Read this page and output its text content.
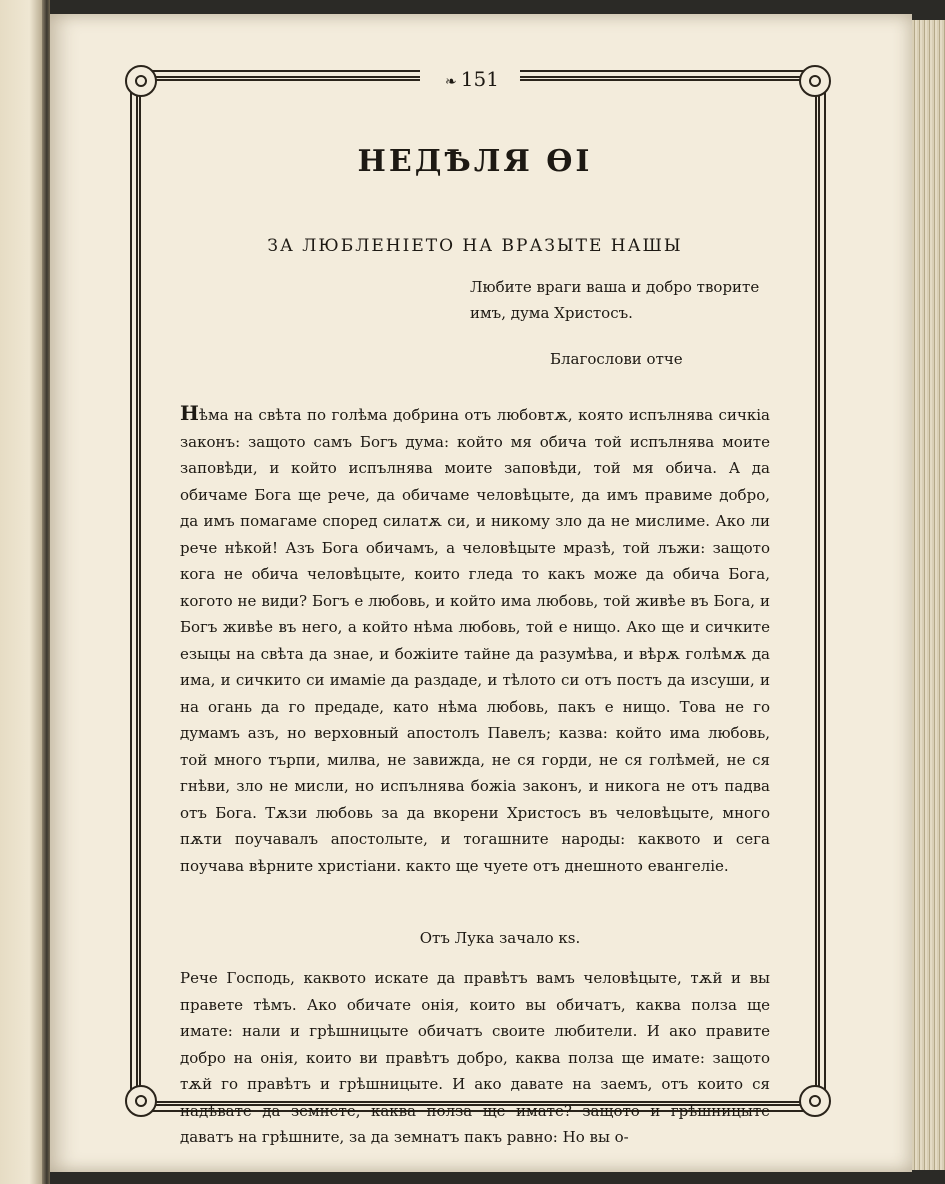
❧ 151
НЕДѢЛЯ ѲІ
ЗА ЛЮБЛЕНІЕТО НА ВРАЗЫТЕ НАШЫ
Любите враги ваша и добро творите имъ, дума Христосъ.
Благослови отче
Нѣма на свѣта по голѣма добрина отъ любовтѫ, която испълнява сичкіа законъ: защото самъ Богъ дума: който мя обича той испълнява моите заповѣди, и който испълнява моите заповѣди, той мя обича. А да обичаме Бога ще рече, да обичаме человѣцыте, да имъ правиме добро, да имъ помагаме според силатѫ си, и никому зло да не мислиме. Ако ли рече нѣкой! Азъ Бога обичамъ, а человѣцыте мразѣ, той лъжи: защото кога не обича человѣцыте, които гледа то какъ може да обича Бога, когото не види? Богъ е любовь, и който има любовь, той живѣе въ Бога, и Богъ живѣе въ него, а който нѣма любовь, той е нищо. Ако ще и сичките езыцы на свѣта да знае, и божіите тайне да разумѣва, и вѣрѫ голѣмѫ да има, и сичкито си имаміе да раздаде, и тѣлото си отъ постъ да изсуши, и на огань да го предаде, като нѣма любовь, пакъ е нищо. Това не го думамъ азъ, но верховный апостолъ Павелъ; казва: който има любовь, той много търпи, милва, не завижда, не ся горди, не ся голѣмей, не ся гнѣви, зло не мисли, но испълнява божіа законъ, и никога не отъ падва отъ Бога. Тѫзи любовь за да вкорени Христосъ въ человѣцыте, много пѫти поучавалъ апостолыте, и тогашните народы: каквото и сега поучава вѣрните христіани. както ще чуете отъ днешното евангеліе.
Отъ Лука зачало кѕ.
Рече Господь, каквото искате да правѣтъ вамъ человѣцыте, тѫй и вы правете тѣмъ. Ако обичате онія, които вы обичатъ, каква полза ще имате: нали и грѣшницыте обичатъ своите любители. И ако правите добро на онія, които ви правѣтъ добро, каква полза ще имате: защото тѫй го правѣтъ и грѣшницыте. И ако давате на заемъ, отъ които ся надѣвате да земнете, каква полза ще имате? защото и грѣшницыте даватъ на грѣшните, за да земнатъ пакъ равно: Но вы о-
